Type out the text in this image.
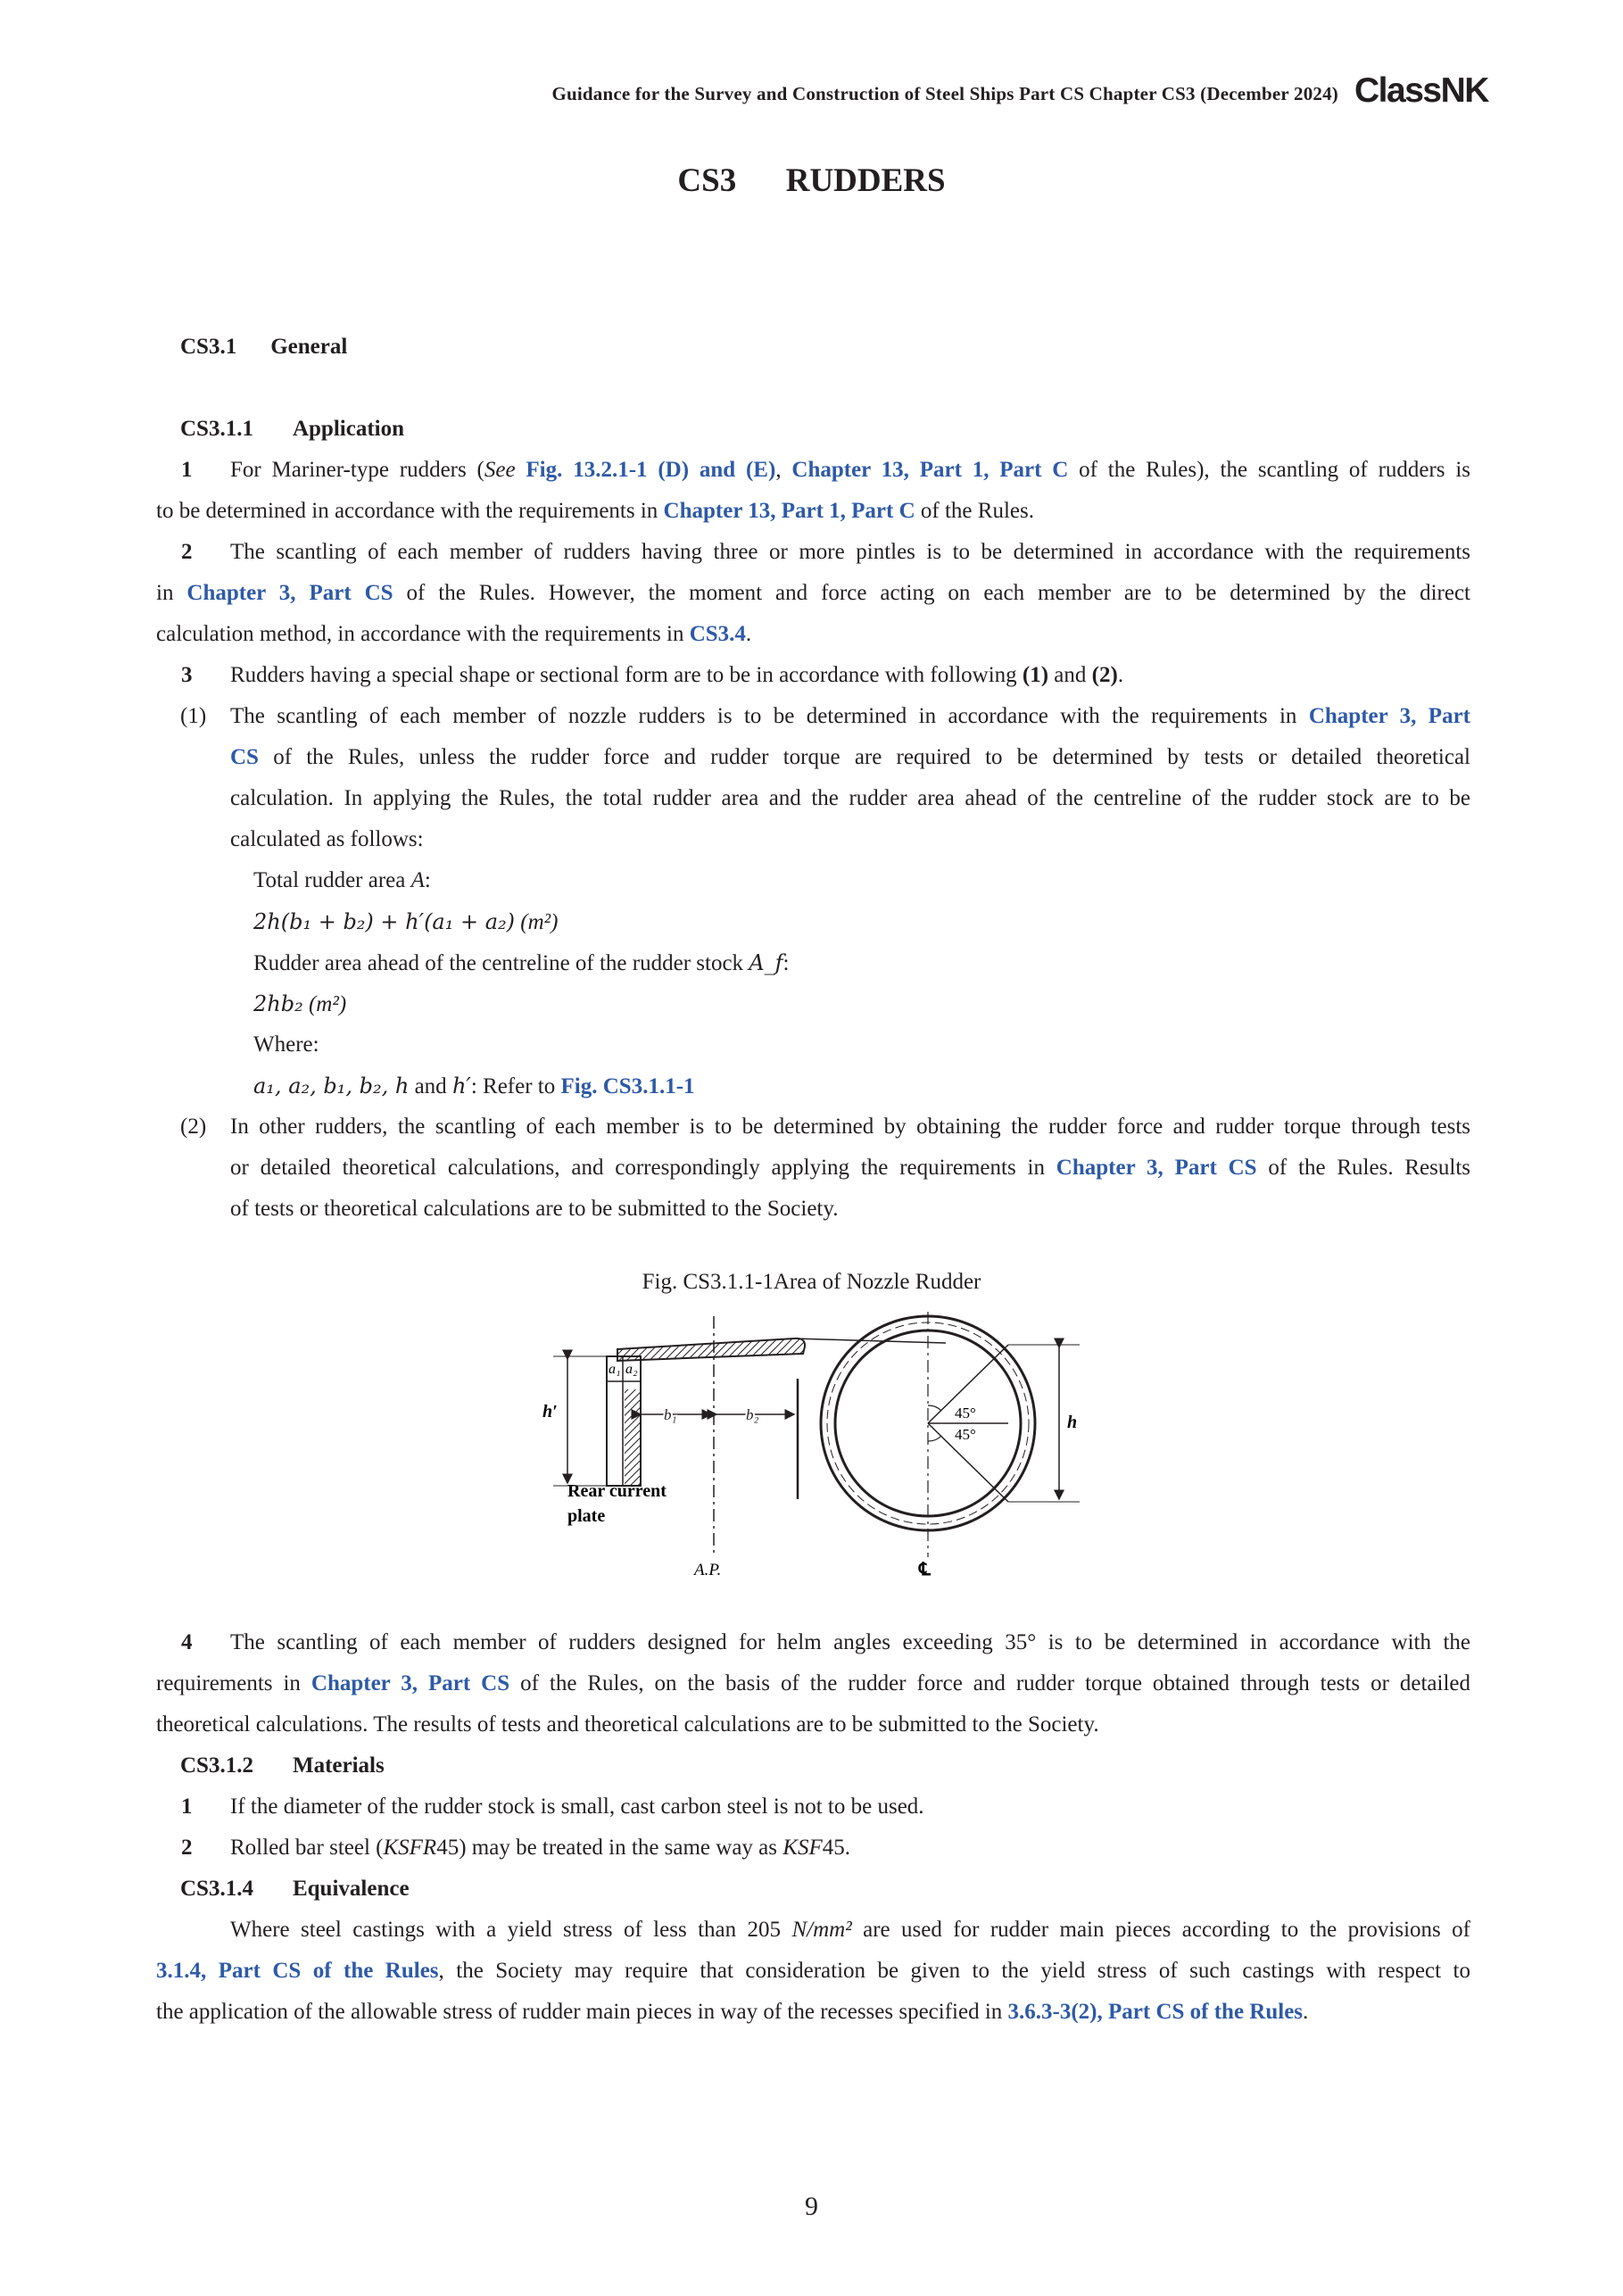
Guidance for the Survey and Construction of Steel Ships Part CS Chapter CS3 (December 2024) ClassNK
CS3 RUDDERS
CS3.1 General
CS3.1.1 Application
1 For Mariner-type rudders (See Fig. 13.2.1-1 (D) and (E), Chapter 13, Part 1, Part C of the Rules), the scantling of rudders is
to be determined in accordance with the requirements in Chapter 13, Part 1, Part C of the Rules.
2 The scantling of each member of rudders having three or more pintles is to be determined in accordance with the requirements
in Chapter 3, Part CS of the Rules. However, the moment and force acting on each member are to be determined by the direct
calculation method, in accordance with the requirements in CS3.4.
3 Rudders having a special shape or sectional form are to be in accordance with following (1) and (2).
(1) The scantling of each member of nozzle rudders is to be determined in accordance with the requirements in Chapter 3, Part
CS of the Rules, unless the rudder force and rudder torque are required to be determined by tests or detailed theoretical
calculation. In applying the Rules, the total rudder area and the rudder area ahead of the centreline of the rudder stock are to be
calculated as follows:
Total rudder area A:
2h(b₁ + b₂) + h′(a₁ + a₂) (m²)
Rudder area ahead of the centreline of the rudder stock A_f:
2hb₂ (m²)
Where:
a₁, a₂, b₁, b₂, h and h′: Refer to Fig. CS3.1.1-1
(2) In other rudders, the scantling of each member is to be determined by obtaining the rudder force and rudder torque through tests
or detailed theoretical calculations, and correspondingly applying the requirements in Chapter 3, Part CS of the Rules. Results
of tests or theoretical calculations are to be submitted to the Society.
Fig. CS3.1.1-1Area of Nozzle Rudder
a₁ a₂
h′	b₁	b₂	45°
45°
h
Rear current
plate
A.P.	℄
4 The scantling of each member of rudders designed for helm angles exceeding 35° is to be determined in accordance with the
requirements in Chapter 3, Part CS of the Rules, on the basis of the rudder force and rudder torque obtained through tests or detailed
theoretical calculations. The results of tests and theoretical calculations are to be submitted to the Society.
CS3.1.2 Materials
1 If the diameter of the rudder stock is small, cast carbon steel is not to be used.
2 Rolled bar steel (KSFR45) may be treated in the same way as KSF45.
CS3.1.4 Equivalence
Where steel castings with a yield stress of less than 205 N/mm² are used for rudder main pieces according to the provisions of
3.1.4, Part CS of the Rules, the Society may require that consideration be given to the yield stress of such castings with respect to
the application of the allowable stress of rudder main pieces in way of the recesses specified in 3.6.3-3(2), Part CS of the Rules.
9
